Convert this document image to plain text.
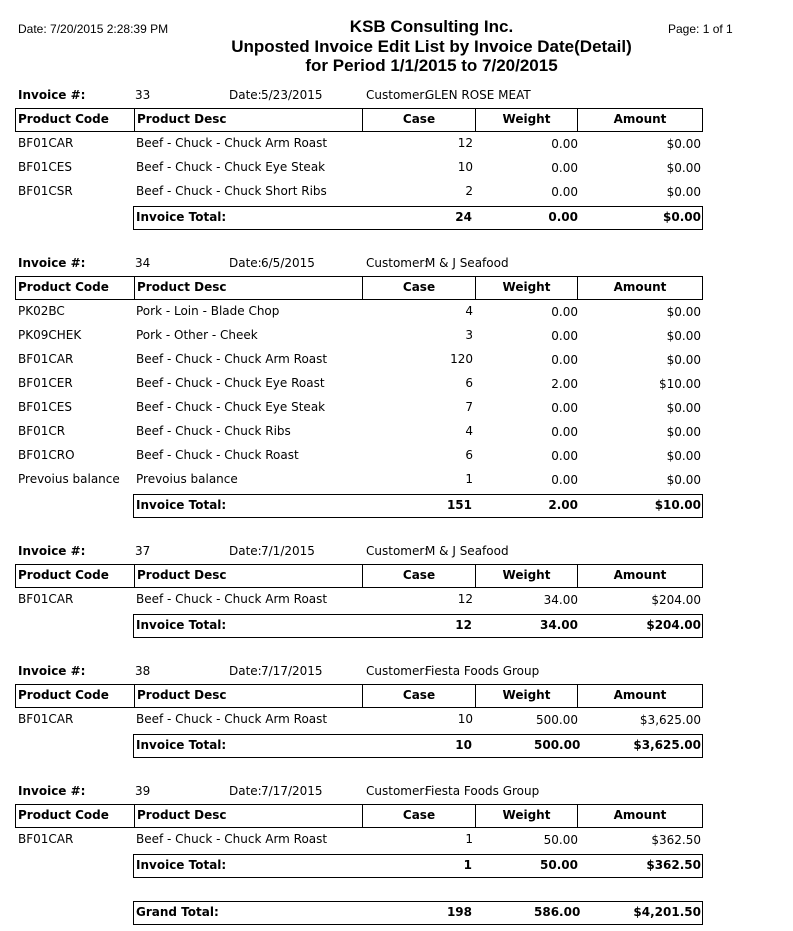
Date: 7/20/2015 2:28:39 PM	Page: 1 of 1
KSB Consulting Inc.
Unposted Invoice Edit List by Invoice Date(Detail)
for Period 1/1/2015 to 7/20/2015
Invoice #:	33	Date: 5/23/2015	Customer:
GLEN ROSE MEAT
Product Code Product Desc	Case	Weight	Amount
BF01CAR	Beef - Chuck - Chuck Arm Roast	12	0.00	$0.00
BF01CES	Beef - Chuck - Chuck Eye Steak	10	0.00	$0.00
BF01CSR	Beef - Chuck - Chuck Short Ribs	2	0.00	$0.00
Invoice Total:	24	0.00	$0.00
Invoice #:	34	Date: 6/5/2015	Customer:
M & J Seafood
Product Code Product Desc	Case	Weight	Amount
PK02BC	Pork - Loin - Blade Chop	4	0.00	$0.00
PK09CHEK	Pork - Other - Cheek	3	0.00	$0.00
BF01CAR	Beef - Chuck - Chuck Arm Roast	120	0.00	$0.00
BF01CER	Beef - Chuck - Chuck Eye Roast	6	2.00	$10.00
BF01CES	Beef - Chuck - Chuck Eye Steak	7	0.00	$0.00
BF01CR	Beef - Chuck - Chuck Ribs	4	0.00	$0.00
BF01CRO	Beef - Chuck - Chuck Roast	6	0.00	$0.00
Prevoius balance Prevoius balance	1	0.00	$0.00
Invoice Total:	151	2.00	$10.00
Invoice #:	37	Date: 7/1/2015	Customer:
M & J Seafood
Product Code Product Desc	Case	Weight	Amount
BF01CAR	Beef - Chuck - Chuck Arm Roast	12	34.00	$204.00
Invoice Total:	12	34.00	$204.00
Invoice #:	38	Date: 7/17/2015	Customer:
Fiesta Foods Group
Product Code Product Desc	Case	Weight	Amount
BF01CAR	Beef - Chuck - Chuck Arm Roast	10	500.00	$3,625.00
Invoice Total:	10	500.00	$3,625.00
Invoice #:	39	Date: 7/17/2015	Customer:
Fiesta Foods Group
Product Code Product Desc	Case	Weight	Amount
BF01CAR	Beef - Chuck - Chuck Arm Roast	1	50.00	$362.50
Invoice Total:	1	50.00	$362.50
Grand Total:	198	586.00	$4,201.50
